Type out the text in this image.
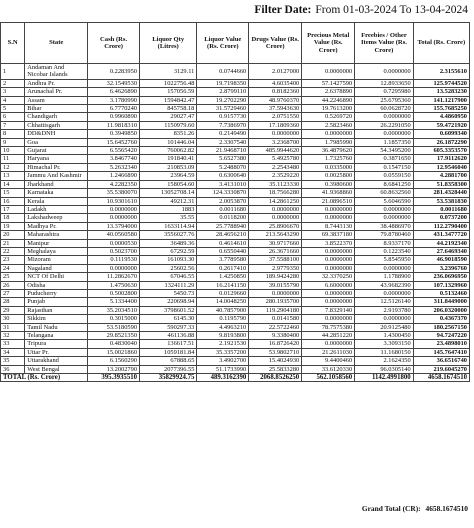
Filter Date: From 01-03-2024 To 13-04-2024
S.N	State	Cash (Rs. Crore)	Liquor Qty (Litres)	Liquor Value (Rs. Crore)	Drugs Value (Rs. Crore)	Precious Metal Value (Rs. Crore)	Freebies / Other Items Value (Rs. Crore)	Total (Rs. Crore)
1	Andaman And Nicobar Islands	0.2283950	3129.11	0.0744660	2.0127000	0.0000000	0.0000000	2.3155610
2	Andhra Pr.	32.1549530	1022756.48	19.7198350	4.6035400	57.1427590	12.8933650	125.9744520
3	Arunachal Pr.	6.4626890	157056.59	2.8799110	0.8182360	2.6378890	0.7295980	13.5283230
4	Assam	3.1780990	1594842.47	19.2702290	48.9760370	44.2246890	25.6795360	141.1217900
5	Bihar	6.7770240	845758.18	31.5729460	37.5943630	19.7613200	60.0628720	155.7685250
6	Chandigarh	0.9960890	29027.47	0.9157730	2.0751550	0.5269720	0.0000000	4.4860950
7	Chhattisgarh	11.9818310	1150979.60	7.7386970	17.1809360	2.5823460	26.2291050	59.4721920
8	DD&DNH	0.3949850	8351.26	0.2149490	0.0000000	0.0000000	0.0000000	0.6099340
9	Goa	15.6452760	101446.04	2.3307540	3.2368700	1.7985990	1.1857350	26.1872290
10	Gujarat	6.5565420	760062.82	21.9468710	485.9944620	36.4879620	54.3495200	605.3353570
11	Haryana	3.8467740	191840.41	5.6527380	5.4925780	1.7325760	0.3871650	17.9112620
12	Himachal Pr.	5.2632340	210853.09	5.2488070	2.2543480	0.0335000	0.1547150	12.9546040
13	Jammu And Kashmir	1.2466890	23964.59	0.6300640	2.3529220	0.0025800	0.0559150	4.2881700
14	Jharkhand	4.2282350	158054.60	3.4131010	35.1123330	0.3980600	8.6841250	51.8358300
15	Karnataka	35.5380070	13052708.14	124.3330870	18.7566280	41.9368860	60.8632560	281.4328440
16	Kerala	10.9301610	49212.31	2.0053870	14.2861250	21.0896510	5.6046590	53.5381830
17	Ladakh	0.0000000	1883	0.0011680	0.0000000	0.0000000	0.0000000	0.0011680
18	Lakshadweep	0.0000000	35.55	0.0118200	0.0000000	0.0000000	0.0000000	0.0737200
19	Madhya Pr.	13.3794000	1633114.94	25.7788940	25.8906670	8.7443130	38.4886970	112.2790400
20	Maharashtra	40.0560580	3556027.76	28.4656210	213.5643290	69.3837180	79.8780460	431.3477720
21	Manipur	0.0000530	36489.36	0.4614610	30.9717660	3.8522370	8.9337170	44.2192340
22	Meghalaya	0.5023700	67292.59	0.6550440	26.3671660	0.0000000	0.1223540	27.6469340
23	Mizoram	0.1119530	161093.30	3.7789580	37.5588100	0.0000000	5.8545950	46.9018590
24	Nagaland	0.0000000	25602.56	0.2617410	2.9779350	0.0000000	0.0000000	3.2396760
25	NCT Of Delhi	11.2862670	67046.55	1.4250850	189.9424280	32.3370250	1.1788900	236.0696950
26	Odisha	1.4750630	1324111.29	16.2141150	39.0155790	6.6000000	43.9682390	107.1329960
27	Puducherry	0.5002800	5450.73	0.0129660	0.0000000	0.0000000	0.0000000	0.5132460
28	Punjab	5.1334400	220698.94	14.0048250	280.1935700	0.0000000	12.5126140	311.8449000
29	Rajasthan	35.2034510	3798601.52	40.7857900	119.2904180	7.8329140	2.9193780	206.0320000
30	Sikkim	0.3015000	6145.30	0.1195790	0.0141580	0.0000000	0.0000000	0.4367370
31	Tamil Nadu	53.5180590	590297.33	4.4963210	22.5722460	78.7575380	20.9125480	180.2567150
32	Telangana	29.8521350	461136.88	9.8193800	9.3380400	44.2851220	1.4300450	94.7247220
33	Tripura	0.4830040	136617.51	2.1921530	16.8726420	0.0000000	3.3093150	23.4898010
34	Uttar Pr.	15.0021860	1059181.84	35.3357200	53.9802710	21.2611030	11.1680150	145.7647410
35	Uttarakhand	6.1560290	67888.65	3.4902700	15.4024930	9.4400460	2.1624350	36.6516740
36	West Bengal	13.2002790	2077396.55	51.1733990	25.5833280	33.6120330	96.0305140	219.6045270
TOTAL (Rs. Crore)		395.3935510	35829924.75	489.3162390	2068.8526250	562.1058560	1142.4991800	4658.1674510
Grand Total (CR): 4658.1674510
